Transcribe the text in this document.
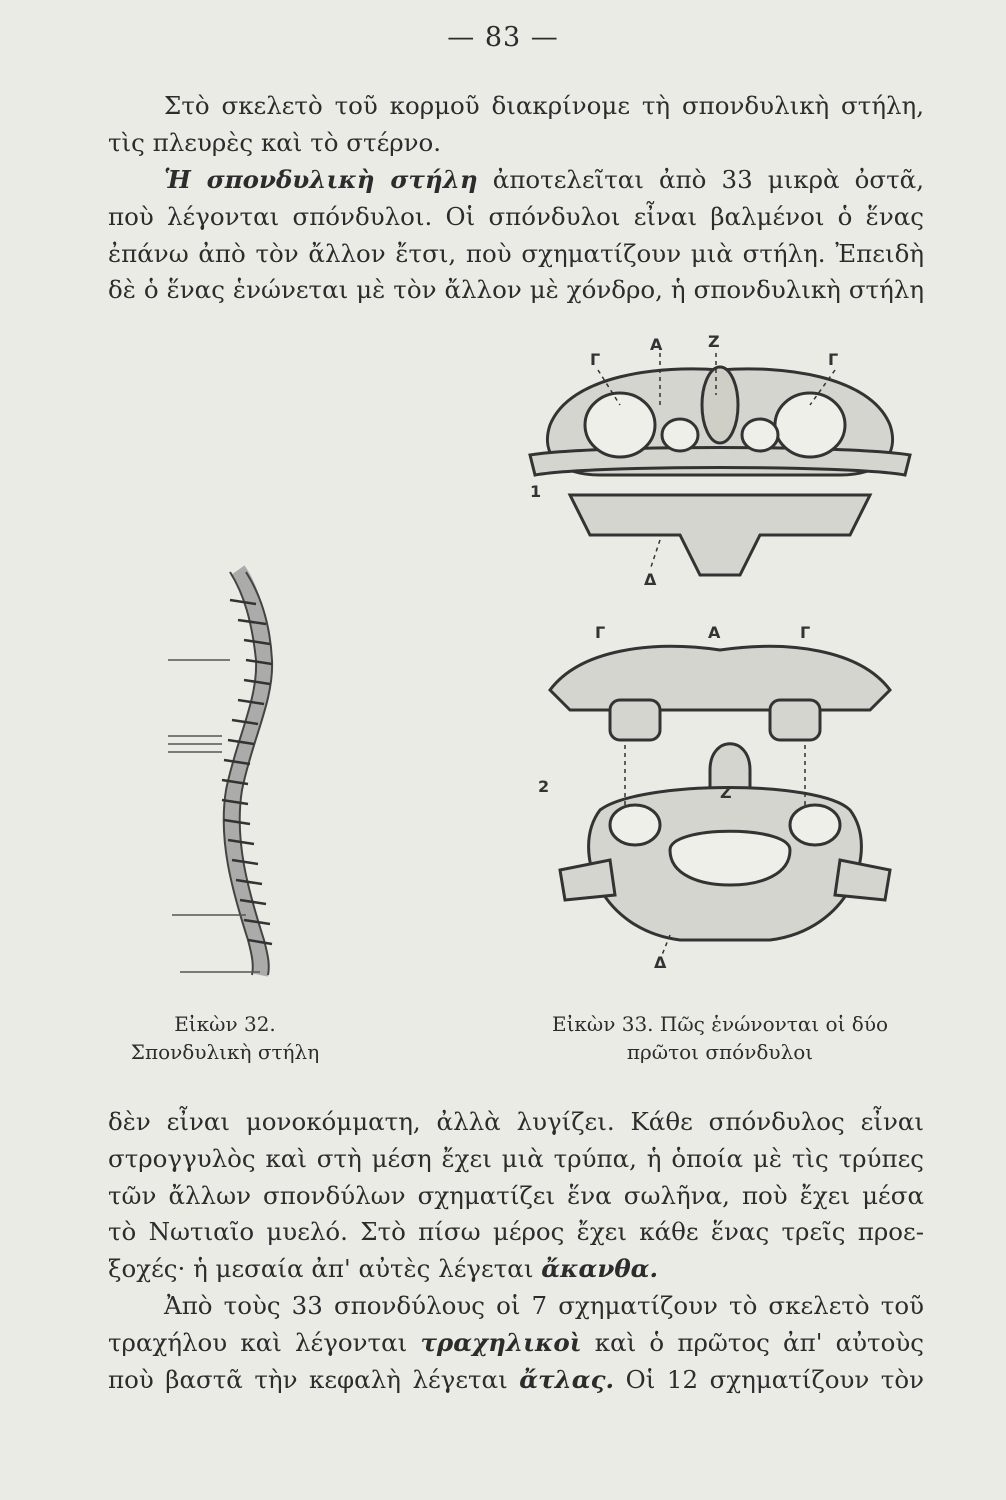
— 83 —
Στὸ σκελετὸ τοῦ κορμοῦ διακρίνομε τὴ σπονδυλικὴ στήλη,
τὶς πλευρὲς καὶ τὸ στέρνο.
Ἡ σπονδυλικὴ στήλη ἀποτελεῖται ἀπὸ 33 μικρὰ ὀστᾶ,
ποὺ λέγονται σπόνδυλοι. Οἱ σπόνδυλοι εἶναι βαλμένοι ὁ ἕνας
ἐπάνω ἀπὸ τὸν ἄλλον ἔτσι, ποὺ σχηματίζουν μιὰ στήλη. Ἐπειδὴ
δὲ ὁ ἕνας ἑνώνεται μὲ τὸν ἄλλον μὲ χόνδρο, ἡ σπονδυλικὴ στήλη
Α	Ζ
Γ	Γ
1
Δ
Γ	Α	Γ
2	Ζ
Δ
Εἰκὼν 32.
Σπονδυλικὴ στήλη
Εἰκὼν 33. Πῶς ἑνώνονται οἱ δύο
πρῶτοι σπόνδυλοι
δὲν εἶναι μονοκόμματη, ἀλλὰ λυγίζει. Κάθε σπόνδυλος εἶναι
στρογγυλὸς καὶ στὴ μέση ἔχει μιὰ τρύπα, ἡ ὁποία μὲ τὶς τρύπες
τῶν ἄλλων σπονδύλων σχηματίζει ἕνα σωλῆνα, ποὺ ἔχει μέσα
τὸ Νωτιαῖο μυελό. Στὸ πίσω μέρος ἔχει κάθε ἕνας τρεῖς προε-
ξοχές· ἡ μεσαία ἀπ' αὐτὲς λέγεται ἄκανθα.
Ἀπὸ τοὺς 33 σπονδύλους οἱ 7 σχηματίζουν τὸ σκελετὸ τοῦ
τραχήλου καὶ λέγονται τραχηλικοὶ καὶ ὁ πρῶτος ἀπ' αὐτοὺς
ποὺ βαστᾶ τὴν κεφαλὴ λέγεται ἄτλας. Οἱ 12 σχηματίζουν τὸν
